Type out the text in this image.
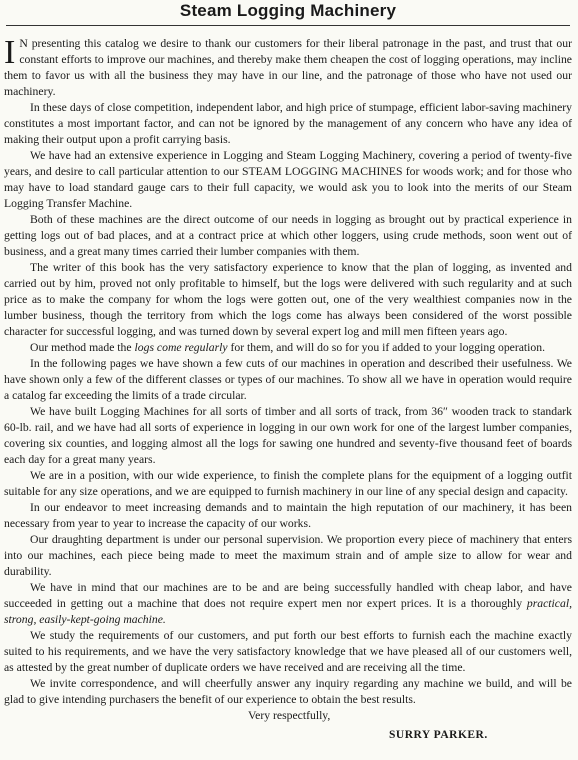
Steam Logging Machinery

I N presenting this catalog we desire to thank our customers for their liberal patronage in the past, and trust that our constant efforts to improve our machines, and thereby make them cheapen the cost of logging operations, may incline them to favor us with all the business they may have in our line, and the patronage of those who have not used our machinery.

In these days of close competition, independent labor, and high price of stumpage, efficient labor-saving machinery constitutes a most important factor, and can not be ignored by the management of any concern who have any idea of making their output upon a profit carrying basis.

We have had an extensive experience in Logging and Steam Logging Machinery, covering a period of twenty-five years, and desire to call particular attention to our STEAM LOGGING MACHINES for woods work; and for those who may have to load standard gauge cars to their full capacity, we would ask you to look into the merits of our Steam Logging Transfer Machine.

Both of these machines are the direct outcome of our needs in logging as brought out by practical experience in getting logs out of bad places, and at a contract price at which other loggers, using crude methods, soon went out of business, and a great many times carried their lumber companies with them.

The writer of this book has the very satisfactory experience to know that the plan of logging, as invented and carried out by him, proved not only profitable to himself, but the logs were delivered with such regularity and at such price as to make the company for whom the logs were gotten out, one of the very wealthiest companies now in the lumber business, though the territory from which the logs come has always been considered of the worst possible character for successful logging, and was turned down by several expert log and mill men fifteen years ago.

Our method made the logs come regularly for them, and will do so for you if added to your logging operation.

In the following pages we have shown a few cuts of our machines in operation and described their usefulness. We have shown only a few of the different classes or types of our machines. To show all we have in operation would require a catalog far exceeding the limits of a trade circular.

We have built Logging Machines for all sorts of timber and all sorts of track, from 36″ wooden track to standark 60-lb. rail, and we have had all sorts of experience in logging in our own work for one of the largest lumber companies, covering six counties, and logging almost all the logs for sawing one hundred and seventy-five thousand feet of boards each day for a great many years.

We are in a position, with our wide experience, to finish the complete plans for the equipment of a logging outfit suitable for any size operations, and we are equipped to furnish machinery in our line of any special design and capacity.

In our endeavor to meet increasing demands and to maintain the high reputation of our machinery, it has been necessary from year to year to increase the capacity of our works.

Our draughting department is under our personal supervision. We proportion every piece of machinery that enters into our machines, each piece being made to meet the maximum strain and of ample size to allow for wear and durability.

We have in mind that our machines are to be and are being successfully handled with cheap labor, and have succeeded in getting out a machine that does not require expert men nor expert prices. It is a thoroughly practical, strong, easily-kept-going machine.

We study the requirements of our customers, and put forth our best efforts to furnish each the machine exactly suited to his requirements, and we have the very satisfactory knowledge that we have pleased all of our customers well, as attested by the great number of duplicate orders we have received and are receiving all the time.

We invite correspondence, and will cheerfully answer any inquiry regarding any machine we build, and will be glad to give intending purchasers the benefit of our experience to obtain the best results.

Very respectfully,
SURRY PARKER.
